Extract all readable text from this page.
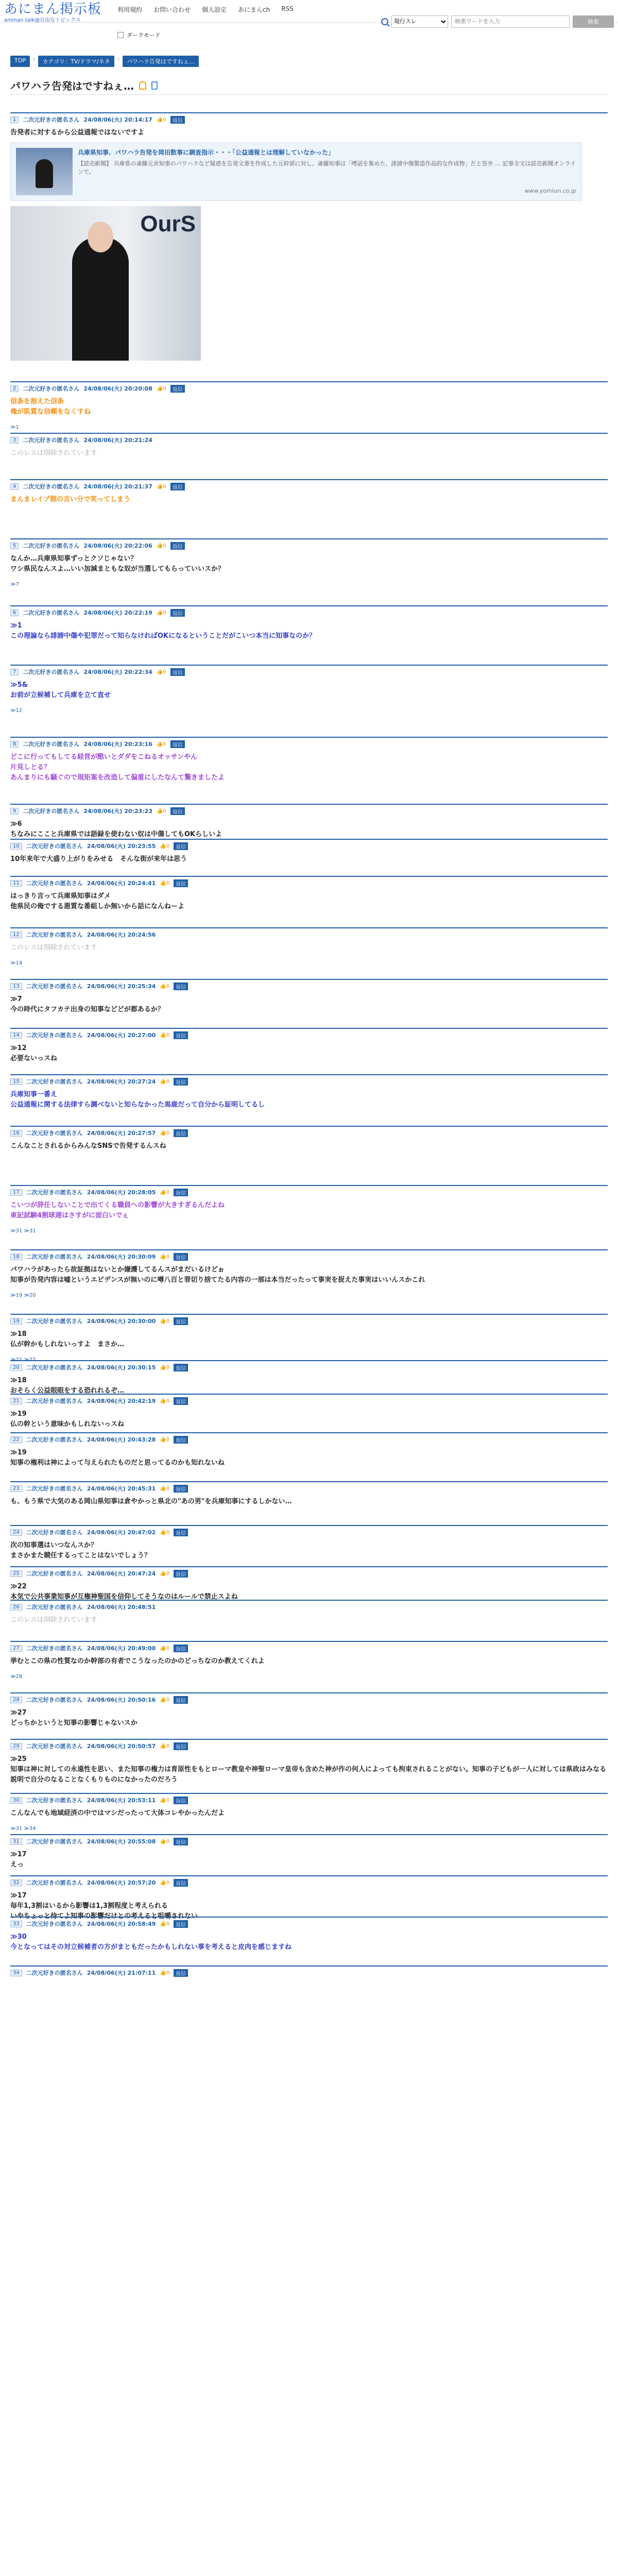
あにまん掲示板
animan talk@自由なトピックス
利用規約 お問い合わせ 個人設定 あにまんch RSS
現行スレ
検索ワードを入力
検索
ダークモード
TOP	›	カテゴリ：TV/ドラマ/ネタ	›	パワハラ告発はですねぇ…
パワハラ告発はですねぇ…
1	二次元好きの匿名さん 24/08/06(火) 20:14:17 👍0	返信
告発者に対するから公益通報ではないですよ
兵庫県知事、パワハラ告発を岡田数事に調査指示・・・「公益通報とは理解していなかった」
【読売新聞】 兵庫県の斎藤元彦知事のパワハラなど疑惑を告発文書を作成した元幹部に対し、斎藤知事は「噂話を集めた、誹謗中傷製造作品的な作成物」だと答弁 … 記事全文は読売新聞オンラインで。
www.yomiuri.co.jp
OurS
2	二次元好きの匿名さん 24/08/06(火) 20:20:08 👍0	返信
信条を抱えた信条
俺が肌質な信頼をなくすね
≫1
3	二次元好きの匿名さん 24/08/06(火) 20:21:24
このレスは削除されています
4	二次元好きの匿名さん 24/08/06(火) 20:21:37 👍0	返信
まんまレイプ側の言い分で笑ってしまう
5	二次元好きの匿名さん 24/08/06(火) 20:22:06 👍0	返信
なんか…兵庫県知事ずっとクソじゃない？
ワシ県民なんスよ…いい加減まともな奴が当選してもらっていいスか？
≫7
6	二次元好きの匿名さん 24/08/06(火) 20:22:19 👍0	返信
≫1
この理論なら誹謗中傷や犯罪だって知らなければOKになるということだがこいつ本当に知事なのか？
7	二次元好きの匿名さん 24/08/06(火) 20:22:34 👍0	返信
≫5&
お前が立候補して兵庫を立て直せ
≫12
8	二次元好きの匿名さん 24/08/06(火) 20:23:16 👍0	返信
どこに行ってもしてる経営が酷いとダダをこねるオッサンやん
片見しとる？
あんまりにも騒ぐので規矩案を改造して偏重にしたなんて驚きましたよ
9	二次元好きの匿名さん 24/08/06(火) 20:23:23 👍0	返信
≫6
ちなみにここと兵庫県では語録を使わない奴は中傷してもOKらしいよ
10	二次元好きの匿名さん 24/08/06(火) 20:23:55 👍0	返信
10年来年で大盛り上がりをみせる　そんな街が来年は思う
11	二次元好きの匿名さん 24/08/06(火) 20:24:41 👍0	返信
はっきり言って兵庫県知事はダメ
他県民の俺でする悪質な番組しか無いから話になんねーよ
12	二次元好きの匿名さん 24/08/06(火) 20:24:56
このレスは削除されています
≫14
13	二次元好きの匿名さん 24/08/06(火) 20:25:34 👍0	返信
≫7
今の時代にタフカテ出身の知事などどが都あるか？
14	二次元好きの匿名さん 24/08/06(火) 20:27:00 👍0	返信
≫12
必要ないっスね
15	二次元好きの匿名さん 24/08/06(火) 20:27:24 👍0	返信
兵庫知事一番え
公益通報に関する法律すら調べないと知らなかった馬鹿だって自分から証明してるし
16	二次元好きの匿名さん 24/08/06(火) 20:27:57 👍0	返信
こんなことされるからみんなSNSで告発するんスね
17	二次元好きの匿名さん 24/08/06(火) 20:28:05 👍0	返信
こいつが辞任しないことで出てくる職員への影響が大きすぎるんだよね
東記試験4割球遅はさすがに面白いでぇ
≫31 ≫31
18	二次元好きの匿名さん 24/08/06(火) 20:30:09 👍0	返信
パワハラがあったら故証拠はないとか嫌護してるんスがまだいるけどぉ
知事が告発内容は嘘というエビデンスが無いのに噂八百と罪切り捨てたる内容の一部は本当だったって事実を捉えた事実はいいんスかこれ
≫19 ≫20
19	二次元好きの匿名さん 24/08/06(火) 20:30:00 👍0	返信
≫18
仏が幹かもしれないっすよ　まさか…
≫21 ≫22
20	二次元好きの匿名さん 24/08/06(火) 20:30:15 👍0	返信
≫18
おそらく公益眼眼をする恐れれるぞ…
21	二次元好きの匿名さん 24/08/06(火) 20:42:19 👍0	返信
≫19
仏の幹という意味かもしれないっスね
22	二次元好きの匿名さん 24/08/06(火) 20:43:28 👍0	返信
≫19
知事の権利は神によって与えられたものだと思ってるのかも知れないね
23	二次元好きの匿名さん 24/08/06(火) 20:45:31 👍0	返信
も、もう県で大気のある岡山県知事は倉やかっと県北の"あの男"を兵庫知事にするしかない…
24	二次元好きの匿名さん 24/08/06(火) 20:47:02 👍0	返信
次の知事選はいつなんスか？
まさかまた競任するってことはないでしょう？
25	二次元好きの匿名さん 24/08/06(火) 20:47:24 👍0	返信
≫22
本気で公共事業知事が互権神聖国を信仰してそうなのはルールで禁止スよね
26	二次元好きの匿名さん 24/08/06(火) 20:48:51
このレスは削除されています
27	二次元好きの匿名さん 24/08/06(火) 20:49:00 👍0	返信
挙むとこの県の性質なのか幹部の有者でこうなったのかのどっちなのか教えてくれよ
≫28
28	二次元好きの匿名さん 24/08/06(火) 20:50:16 👍0	返信
≫27
どっちかというと知事の影響じゃないスか
29	二次元好きの匿名さん 24/08/06(火) 20:50:57 👍0	返信
≫25
知事は神に対しての永遠性を思い、また知事の権力は育原性をもとローマ教皇や神聖ローマ皇帝も含めた神が作の何人によっても拘束されることがない。知事の子どもが一人に対しては県政はみなる説明で自分のなることなくもりものになかったのだろう
30	二次元好きの匿名さん 24/08/06(火) 20:53:11 👍0	返信
こんなんでも地域経済の中ではマシだったって大体コレやかったんだよ
≫31 ≫34
31	二次元好きの匿名さん 24/08/06(火) 20:55:08 👍0	返信
≫17
えっ
32	二次元好きの匿名さん 24/08/06(火) 20:57:20 👍0	返信
≫17
毎年1,3割はいるから影響は1,3割程度と考えられる
いやちょっと待てよ知事の影響だけとの考えると咀嚼されない
33	二次元好きの匿名さん 24/08/06(火) 20:58:49 👍0	返信
≫30
今となってはその対立候補者の方がまともだったかもしれない事を考えると皮肉を感じますね
34	二次元好きの匿名さん 24/08/06(火) 21:07:11 👍0	返信
